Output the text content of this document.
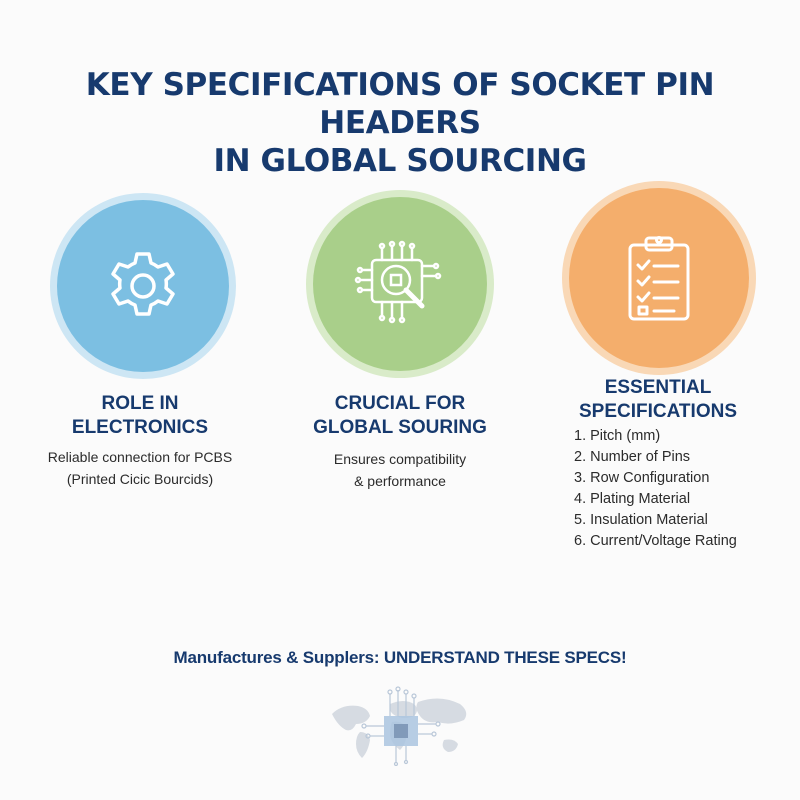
KEY SPECIFICATIONS OF SOCKET PIN HEADERS
IN GLOBAL SOURCING
ROLE IN
ELECTRONICS
Reliable connection for PCBS
(Printed Cicic Bourcids)
CRUCIAL FOR
GLOBAL SOURING
Ensures compatibility
& performance
ESSENTIAL
SPECIFICATIONS
1. Pitch (mm)
2. Number of Pins
3. Row Configuration
4. Plating Material
5. Insulation Material
6. Current/Voltage Rating
Manufactures & Supplers: UNDERSTAND THESE SPECS!
